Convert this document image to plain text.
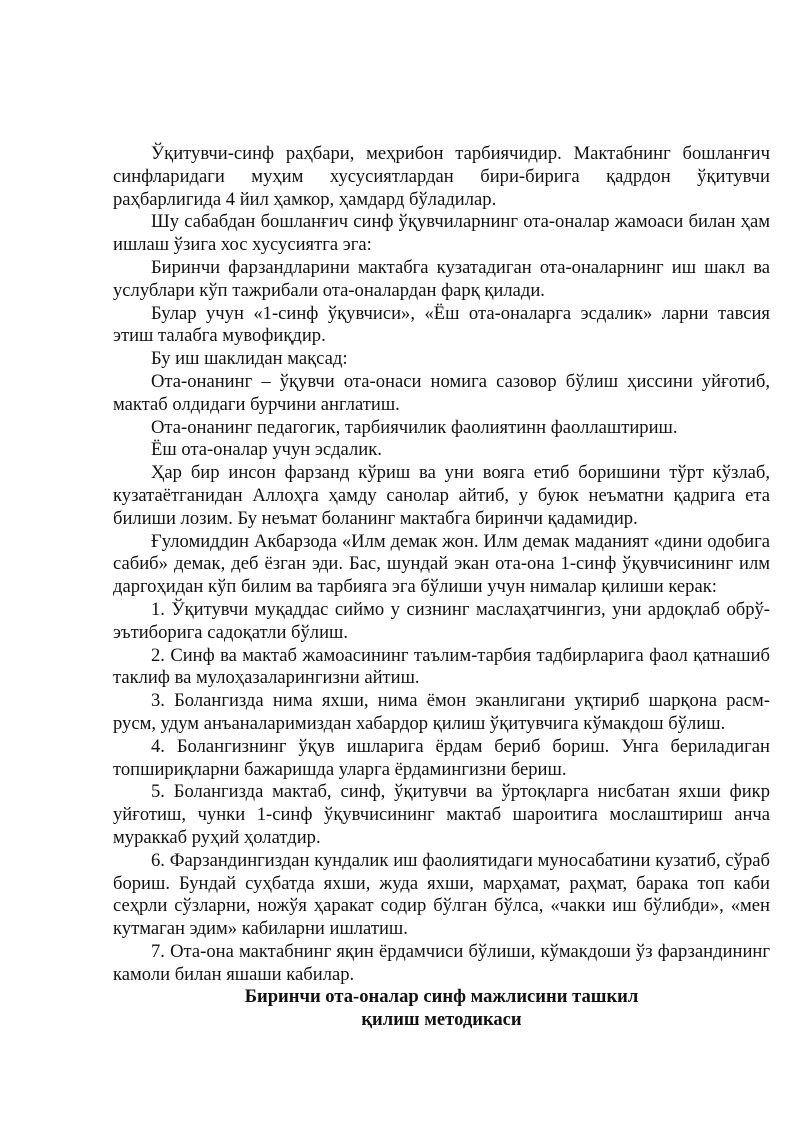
Ўқитувчи-синф раҳбари, меҳрибон тарбиячидир. Мактабнинг бошланғич синфларидаги муҳим хусусиятлардан бири-бирига қадрдон ўқитувчи раҳбарлигида 4 йил ҳамкор, ҳамдард бўладилар.

Шу сабабдан бошланғич синф ўқувчиларнинг ота-оналар жамоаси билан ҳам ишлаш ўзига хос хусусиятга эга:

Биринчи фарзандларини мактабга кузатадиган ота-оналарнинг иш шакл ва услублари кўп тажрибали ота-оналардан фарқ қилади.

Булар учун «1-синф ўқувчиси», «Ёш ота-оналарга эсдалик» ларни тавсия этиш талабга мувофиқдир.

Бу иш шаклидан мақсад:

Ота-онанинг – ўқувчи ота-онаси номига сазовор бўлиш ҳиссини уйғотиб, мактаб олдидаги бурчини англатиш.

Ота-онанинг педагогик, тарбиячилик фаолиятинн фаоллаштириш.

Ёш ота-оналар учун эсдалик.

Ҳар бир инсон фарзанд кўриш ва уни вояга етиб боришини тўрт кўзлаб, кузатаётганидан Аллоҳга ҳамду санолар айтиб, у буюк неъматни қадрига ета билиши лозим. Бу неъмат боланинг мактабга биринчи қадамидир.

Ғуломиддин Акбарзода «Илм демак жон. Илм демак маданият «дини одобига сабиб» демак, деб ёзган эди. Бас, шундай экан ота-она 1-синф ўқувчисининг илм даргоҳидан кўп билим ва тарбияга эга бўлиши учун нималар қилиши керак:

1. Ўқитувчи муқаддас сиймо у сизнинг маслаҳатчингиз, уни ардоқлаб обрў-эътиборига садоқатли бўлиш.

2. Синф ва мактаб жамоасининг таълим-тарбия тадбирларига фаол қатнашиб таклиф ва мулоҳазаларингизни айтиш.

3. Болангизда нима яхши, нима ёмон эканлигани уқтириб шарқона расм-русм, удум анъаналаримиздан хабардор қилиш ўқитувчига кўмакдош бўлиш.

4. Болангизнинг ўқув ишларига ёрдам бериб бориш. Унга бериладиган топшириқларни бажаришда уларга ёрдамингизни бериш.

5. Болангизда мактаб, синф, ўқитувчи ва ўртоқларга нисбатан яхши фикр уйғотиш, чунки 1-синф ўқувчисининг мактаб шароитига мослаштириш анча мураккаб руҳий ҳолатдир.

6. Фарзандингиздан кундалик иш фаолиятидаги муносабатини кузатиб, сўраб бориш. Бундай суҳбатда яхши, жуда яхши, марҳамат, раҳмат, барака топ каби сеҳрли сўзларни, ножўя ҳаракат содир бўлган бўлса, «чакки иш бўлибди», «мен кутмаган эдим» кабиларни ишлатиш.

7. Ота-она мактабнинг яқин ёрдамчиси бўлиши, кўмакдоши ўз фарзандининг камоли билан яшаши кабилар.

Биринчи ота-оналар синф мажлисини ташкил
қилиш методикаси
